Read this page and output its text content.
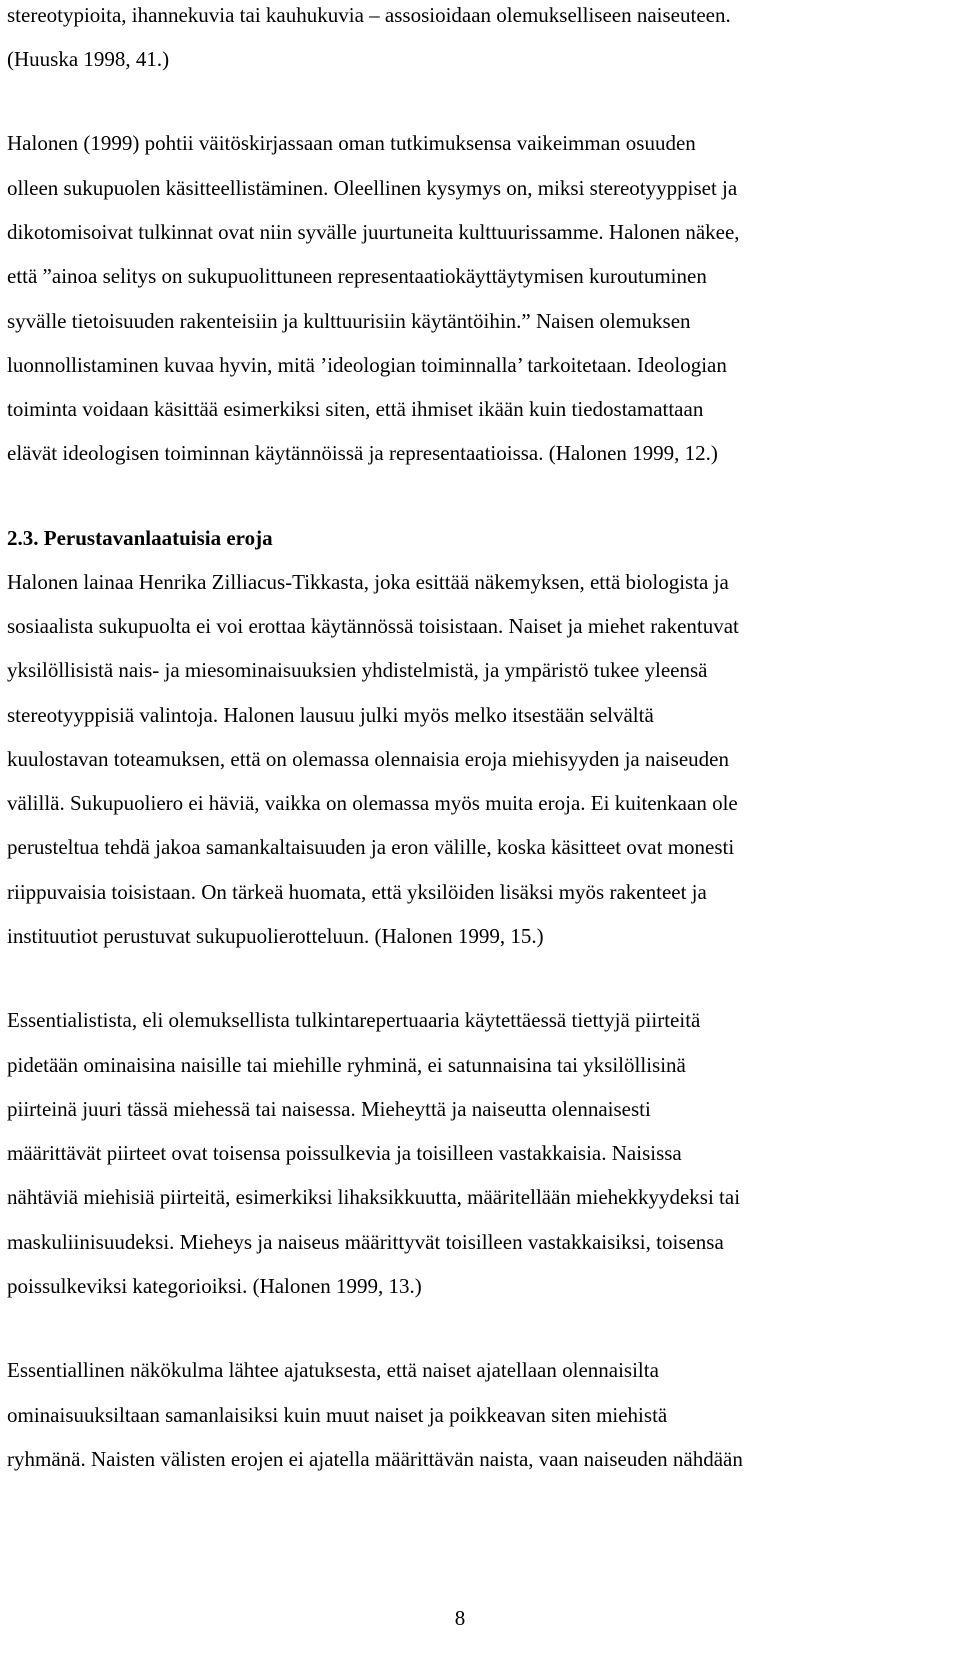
stereotypioita, ihannekuvia tai kauhukuvia – assosioidaan olemukselliseen naiseuteen.
(Huuska 1998, 41.)
Halonen (1999) pohtii väitöskirjassaan oman tutkimuksensa vaikeimman osuuden
olleen sukupuolen käsitteellistäminen. Oleellinen kysymys on, miksi stereotyyppiset ja
dikotomisoivat tulkinnat ovat niin syvälle juurtuneita kulttuurissamme. Halonen näkee,
että ”ainoa selitys on sukupuolittuneen representaatiokäyttäytymisen kuroutuminen
syvälle tietoisuuden rakenteisiin ja kulttuurisiin käytäntöihin.” Naisen olemuksen
luonnollistaminen kuvaa hyvin, mitä ’ideologian toiminnalla’ tarkoitetaan. Ideologian
toiminta voidaan käsittää esimerkiksi siten, että ihmiset ikään kuin tiedostamattaan
elävät ideologisen toiminnan käytännöissä ja representaatioissa. (Halonen 1999, 12.)
2.3. Perustavanlaatuisia eroja
Halonen lainaa Henrika Zilliacus-Tikkasta, joka esittää näkemyksen, että biologista ja
sosiaalista sukupuolta ei voi erottaa käytännössä toisistaan. Naiset ja miehet rakentuvat
yksilöllisistä nais- ja miesominaisuuksien yhdistelmistä, ja ympäristö tukee yleensä
stereotyyppisiä valintoja. Halonen lausuu julki myös melko itsestään selvältä
kuulostavan toteamuksen, että on olemassa olennaisia eroja miehisyyden ja naiseuden
välillä. Sukupuoliero ei häviä, vaikka on olemassa myös muita eroja. Ei kuitenkaan ole
perusteltua tehdä jakoa samankaltaisuuden ja eron välille, koska käsitteet ovat monesti
riippuvaisia toisistaan. On tärkeä huomata, että yksilöiden lisäksi myös rakenteet ja
instituutiot perustuvat sukupuolierotteluun. (Halonen 1999, 15.)
Essentialistista, eli olemuksellista tulkintarepertuaaria käytettäessä tiettyjä piirteitä
pidetään ominaisina naisille tai miehille ryhminä, ei satunnaisina tai yksilöllisinä
piirteinä juuri tässä miehessä tai naisessa. Mieheyttä ja naiseutta olennaisesti
määrittävät piirteet ovat toisensa poissulkevia ja toisilleen vastakkaisia. Naisissa
nähtäviä miehisiä piirteitä, esimerkiksi lihaksikkuutta, määritellään miehekkyydeksi tai
maskuliinisuudeksi. Mieheys ja naiseus määrittyvät toisilleen vastakkaisiksi, toisensa
poissulkeviksi kategorioiksi. (Halonen 1999, 13.)
Essentiallinen näkökulma lähtee ajatuksesta, että naiset ajatellaan olennaisilta
ominaisuuksiltaan samanlaisiksi kuin muut naiset ja poikkeavan siten miehistä
ryhmänä. Naisten välisten erojen ei ajatella määrittävän naista, vaan naiseuden nähdään
8
